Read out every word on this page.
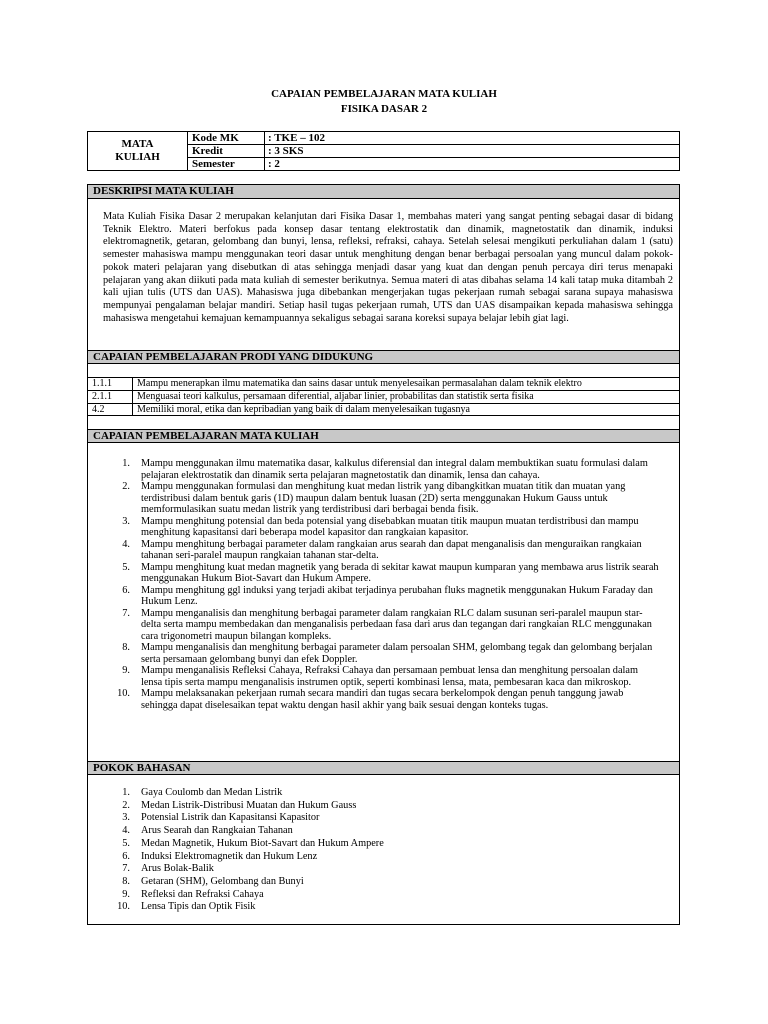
CAPAIAN PEMBELAJARAN MATA KULIAH
FISIKA DASAR 2
MATA
KULIAH
Kode MK	: TKE – 102
Kredit	: 3 SKS
Semester	: 2
DESKRIPSI MATA KULIAH
Mata Kuliah Fisika Dasar 2 merupakan kelanjutan dari Fisika Dasar 1, membahas materi yang sangat penting sebagai dasar di bidang Teknik Elektro. Materi berfokus pada konsep dasar tentang elektrostatik dan dinamik, magnetostatik dan dinamik, induksi elektromagnetik, getaran, gelombang dan bunyi, lensa, refleksi, refraksi, cahaya. Setelah selesai mengikuti perkuliahan dalam 1 (satu) semester mahasiswa mampu menggunakan teori dasar untuk menghitung dengan benar berbagai persoalan yang muncul dalam pokok-pokok materi pelajaran yang disebutkan di atas sehingga menjadi dasar yang kuat dan dengan penuh percaya diri terus menapaki pelajaran yang akan diikuti pada mata kuliah di semester berikutnya. Semua materi di atas dibahas selama 14 kali tatap muka ditambah 2 kali ujian tulis (UTS dan UAS). Mahasiswa juga dibebankan mengerjakan tugas pekerjaan rumah sebagai sarana supaya mahasiswa mempunyai pengalaman belajar mandiri. Setiap hasil tugas pekerjaan rumah, UTS dan UAS disampaikan kepada mahasiswa sehingga mahasiswa mengetahui kemajuan kemampuannya sekaligus sebagai sarana koreksi supaya belajar lebih giat lagi.
CAPAIAN PEMBELAJARAN PRODI YANG DIDUKUNG
1.1.1	Mampu menerapkan ilmu matematika dan sains dasar untuk menyelesaikan permasalahan dalam teknik elektro
2.1.1	Menguasai teori kalkulus, persamaan diferential, aljabar linier, probabilitas dan statistik serta fisika
4.2	Memiliki moral, etika dan kepribadian yang baik di dalam menyelesaikan tugasnya
CAPAIAN PEMBELAJARAN MATA KULIAH
1. Mampu menggunakan ilmu matematika dasar, kalkulus diferensial dan integral dalam membuktikan suatu formulasi dalam pelajaran elektrostatik dan dinamik serta pelajaran magnetostatik dan dinamik, lensa dan cahaya.
2. Mampu menggunakan formulasi dan menghitung kuat medan listrik yang dibangkitkan muatan titik dan muatan yang terdistribusi dalam bentuk garis (1D) maupun dalam bentuk luasan (2D) serta menggunakan Hukum Gauss untuk memformulasikan suatu medan listrik yang terdistribusi dari berbagai benda fisik.
3. Mampu menghitung potensial dan beda potensial yang disebabkan muatan titik maupun muatan terdistribusi dan mampu menghitung kapasitansi dari beberapa model kapasitor dan rangkaian kapasitor.
4. Mampu menghitung berbagai parameter dalam rangkaian arus searah dan dapat menganalisis dan menguraikan rangkaian tahanan seri-paralel maupun rangkaian tahanan star-delta.
5. Mampu menghitung kuat medan magnetik yang berada di sekitar kawat maupun kumparan yang membawa arus listrik searah menggunakan Hukum Biot-Savart dan Hukum Ampere.
6. Mampu menghitung ggl induksi yang terjadi akibat terjadinya perubahan fluks magnetik menggunakan Hukum Faraday dan Hukum Lenz.
7. Mampu menganalisis dan menghitung berbagai parameter dalam rangkaian RLC dalam susunan seri-paralel maupun star-delta serta mampu membedakan dan menganalisis perbedaan fasa dari arus dan tegangan dari rangkaian RLC menggunakan cara trigonometri maupun bilangan kompleks.
8. Mampu menganalisis dan menghitung berbagai parameter dalam persoalan SHM, gelombang tegak dan gelombang berjalan serta persamaan gelombang bunyi dan efek Doppler.
9. Mampu menganalisis Refleksi Cahaya, Refraksi Cahaya dan persamaan pembuat lensa dan menghitung persoalan dalam lensa tipis serta mampu menganalisis instrumen optik, seperti kombinasi lensa, mata, pembesaran kaca dan mikroskop.
10. Mampu melaksanakan pekerjaan rumah secara mandiri dan tugas secara berkelompok dengan penuh tanggung jawab sehingga dapat diselesaikan tepat waktu dengan hasil akhir yang baik sesuai dengan konteks tugas.
POKOK BAHASAN
1. Gaya Coulomb dan Medan Listrik
2. Medan Listrik-Distribusi Muatan dan Hukum Gauss
3. Potensial Listrik dan Kapasitansi Kapasitor
4. Arus Searah dan Rangkaian Tahanan
5. Medan Magnetik, Hukum Biot-Savart dan Hukum Ampere
6. Induksi Elektromagnetik dan Hukum Lenz
7. Arus Bolak-Balik
8. Getaran (SHM), Gelombang dan Bunyi
9. Refleksi dan Refraksi Cahaya
10. Lensa Tipis dan Optik Fisik
